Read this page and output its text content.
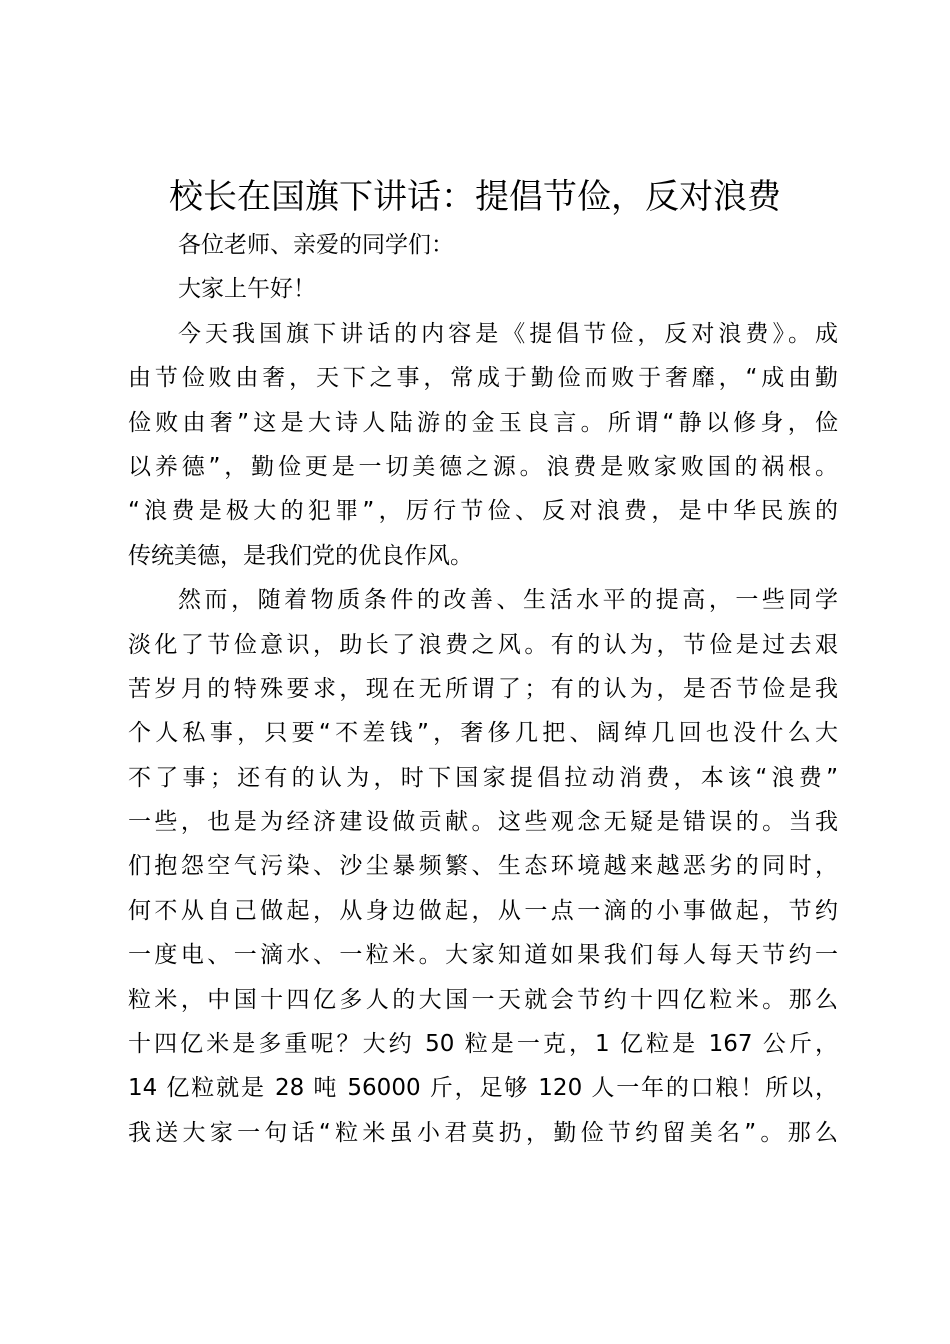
校长在国旗下讲话：提倡节俭，反对浪费
各位老师、亲爱的同学们：
大家上午好！
今天我国旗下讲话的内容是《提倡节俭，反对浪费》。成
由节俭败由奢，天下之事，常成于勤俭而败于奢靡，“成由勤
俭败由奢”这是大诗人陆游的金玉良言。所谓“静以修身，俭
以养德”，勤俭更是一切美德之源。浪费是败家败国的祸根。
“浪费是极大的犯罪”，厉行节俭、反对浪费，是中华民族的
传统美德，是我们党的优良作风。
然而，随着物质条件的改善、生活水平的提高，一些同学
淡化了节俭意识，助长了浪费之风。有的认为，节俭是过去艰
苦岁月的特殊要求，现在无所谓了；有的认为，是否节俭是我
个人私事，只要“不差钱”，奢侈几把、阔绰几回也没什么大
不了事；还有的认为，时下国家提倡拉动消费，本该“浪费”
一些，也是为经济建设做贡献。这些观念无疑是错误的。当我
们抱怨空气污染、沙尘暴频繁、生态环境越来越恶劣的同时，
何不从自己做起，从身边做起，从一点一滴的小事做起，节约
一度电、一滴水、一粒米。大家知道如果我们每人每天节约一
粒米，中国十四亿多人的大国一天就会节约十四亿粒米。那么
十四亿米是多重呢？大约 50 粒是一克，1 亿粒是 167 公斤，
14 亿粒就是 28 吨 56000 斤，足够 120 人一年的口粮！所以，
我送大家一句话“粒米虽小君莫扔，勤俭节约留美名”。那么
